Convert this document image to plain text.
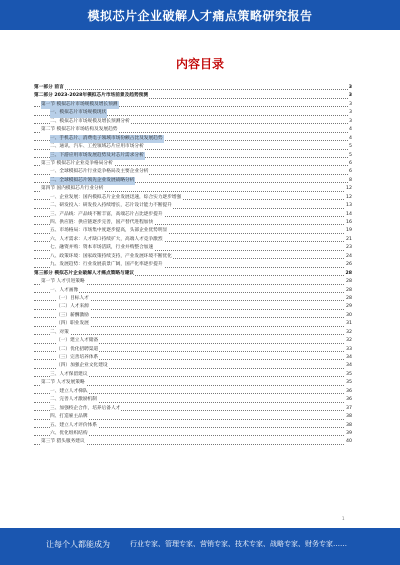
模拟芯片企业破解人才痛点策略研究报告
内容目录
第一部分 前言	3
第二部分 2023-2028年模拟芯片市场前景及趋势预测	3
第一节 模拟芯片市场规模及增长预测	3
一、模拟芯片市场规模现状	3
二、模拟芯片市场规模及增长预测分析	3
第二节 模拟芯片市场结构及发展趋势	4
一、手机芯片、消费电子领域市场份额占比及发展趋势	4
二、通讯、汽车、工控领域芯片应用市场分析	5
三、下游应用市场发展趋势及对芯片需求分析	5
第三节 模拟芯片企业竞争格局分析	6
一、全球模拟芯片行业竞争格局及主要企业分析	6
二、全球模拟芯片领先企业发展战略分析	8
第四节 国内模拟芯片行业分析	12
一、企业发展：国内模拟芯片企业发展迅速，综合实力逐步增强	12
二、研发投入：研发投入持续增长，芯片设计能力不断提升	13
三、产品线：产品线不断丰富，高端芯片占比逐步提升	14
四、供应链：供应链逐步完善，国产替代进程加快	16
五、市场格局：市场集中度逐步提高，头部企业优势明显	19
六、人才需求：人才缺口持续扩大，高端人才竞争激烈	21
七、融资并购：资本市场活跃，行业并购整合加速	23
八、政策环境：国家政策持续支持，产业发展环境不断优化	24
九、发展趋势：行业发展前景广阔，国产化率逐步提升	26
第三部分 模拟芯片企业破解人才痛点策略与建议	28
第一节 人才引进策略	28
一、人才画像	28
（一）目标人才	28
（二）人才来源	29
（三）薪酬激励	30
（四）职业发展	31
二、对策	32
（一）建立人才储备	32
（二）优化招聘渠道	33
（三）完善培养体系	34
（四）加强企业文化建设	34
三、人才保留建议	35
第二节 人才发展策略	35
一、建立人才梯队	36
二、完善人才激励机制	36
三、加强校企合作，培养后备人才	37
四、打造雇主品牌	38
五、建立人才评价体系	38
六、优化组织结构	39
第三节 猎头服务建议	40
1
让每个人都能成为	行业专家、管理专家、营销专家、技术专家、战略专家、财务专家……
